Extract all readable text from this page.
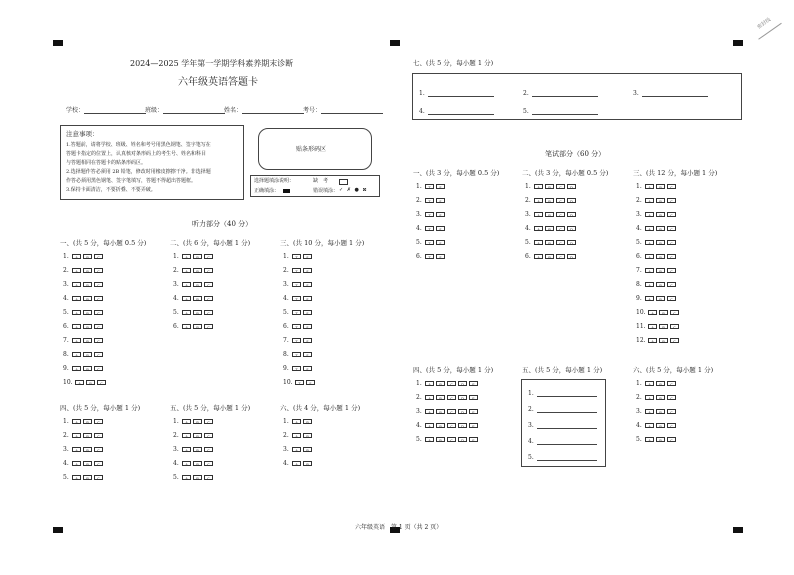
密封线
2024—2025 学年第一学期学科素养期末诊断
六年级英语答题卡
学校：	班级：	姓名：	考号：
注意事项：
1.答题前，请将学校、班级、姓名和考号用黑色钢笔、签字笔写在
答题卡指定的位置上，认真核对条形码上的考生号、姓名和科目
与答题相同在答题卡的贴条形码区。
2.选择题作答必须用 2B 铅笔，修改时用橡皮擦擦干净。非选择题
作答必须用黑色钢笔、签字笔填写，答题不得超出答题框。
3.保持卡面清洁，不要折叠、不要弄破。
贴条形码区
选择题填涂说明：	缺　考
正确填涂：	错误填涂： ✓ ✗ ● ⊠
听力部分（40 分）
一、(共 5 分，每小题 0.5 分)
1.A B C
2.A B C
3.A B C
4.A B C
5.A B C
6.A B C
7.A B C
8.A B C
9.A B C
10.A B C
二、(共 6 分，每小题 1 分)
1.A B C
2.A B C
3.A B C
4.A B C
5.A B C
6.A B C
三、(共 10 分，每小题 1 分)
1.T F
2.T F
3.T F
4.T F
5.T F
6.T F
7.T F
8.T F
9.T F
10.T F
四、(共 5 分，每小题 1 分)
1.A B C
2.A B C
3.A B C
4.A B C
5.A B C
五、(共 5 分，每小题 1 分)
1.A B C
2.A B C
3.A B C
4.A B C
5.A B C
六、(共 4 分，每小题 1 分)
1.A B
2.A B
3.A B
4.A B
七、(共 5 分，每小题 1 分)
1.	2.	3.
4.	5.
笔试部分（60 分）
一、(共 3 分，每小题 0.5 分)
1.T F
2.T F
3.T F
4.T F
5.T F
6.T F
二、(共 3 分，每小题 0.5 分)
1.A B C D
2.A B C D
3.A B C D
4.A B C D
5.A B C D
6.A B C D
三、(共 12 分，每小题 1 分)
1.A B C
2.A B C
3.A B C
4.A B C
5.A B C
6.A B C
7.A B C
8.A B C
9.A B C
10.A B C
11.A B C
12.A B C
四、(共 5 分，每小题 1 分)
1.A B C D E
2.A B C D E
3.A B C D E
4.A B C D E
5.A B C D E
六、(共 5 分，每小题 1 分)
1.A B C
2.A B C
3.A B C
4.A B C
5.A B C
五、(共 5 分，每小题 1 分)
1.
2.
3.
4.
5.
六年级英语　第 1 页（共 2 页）
